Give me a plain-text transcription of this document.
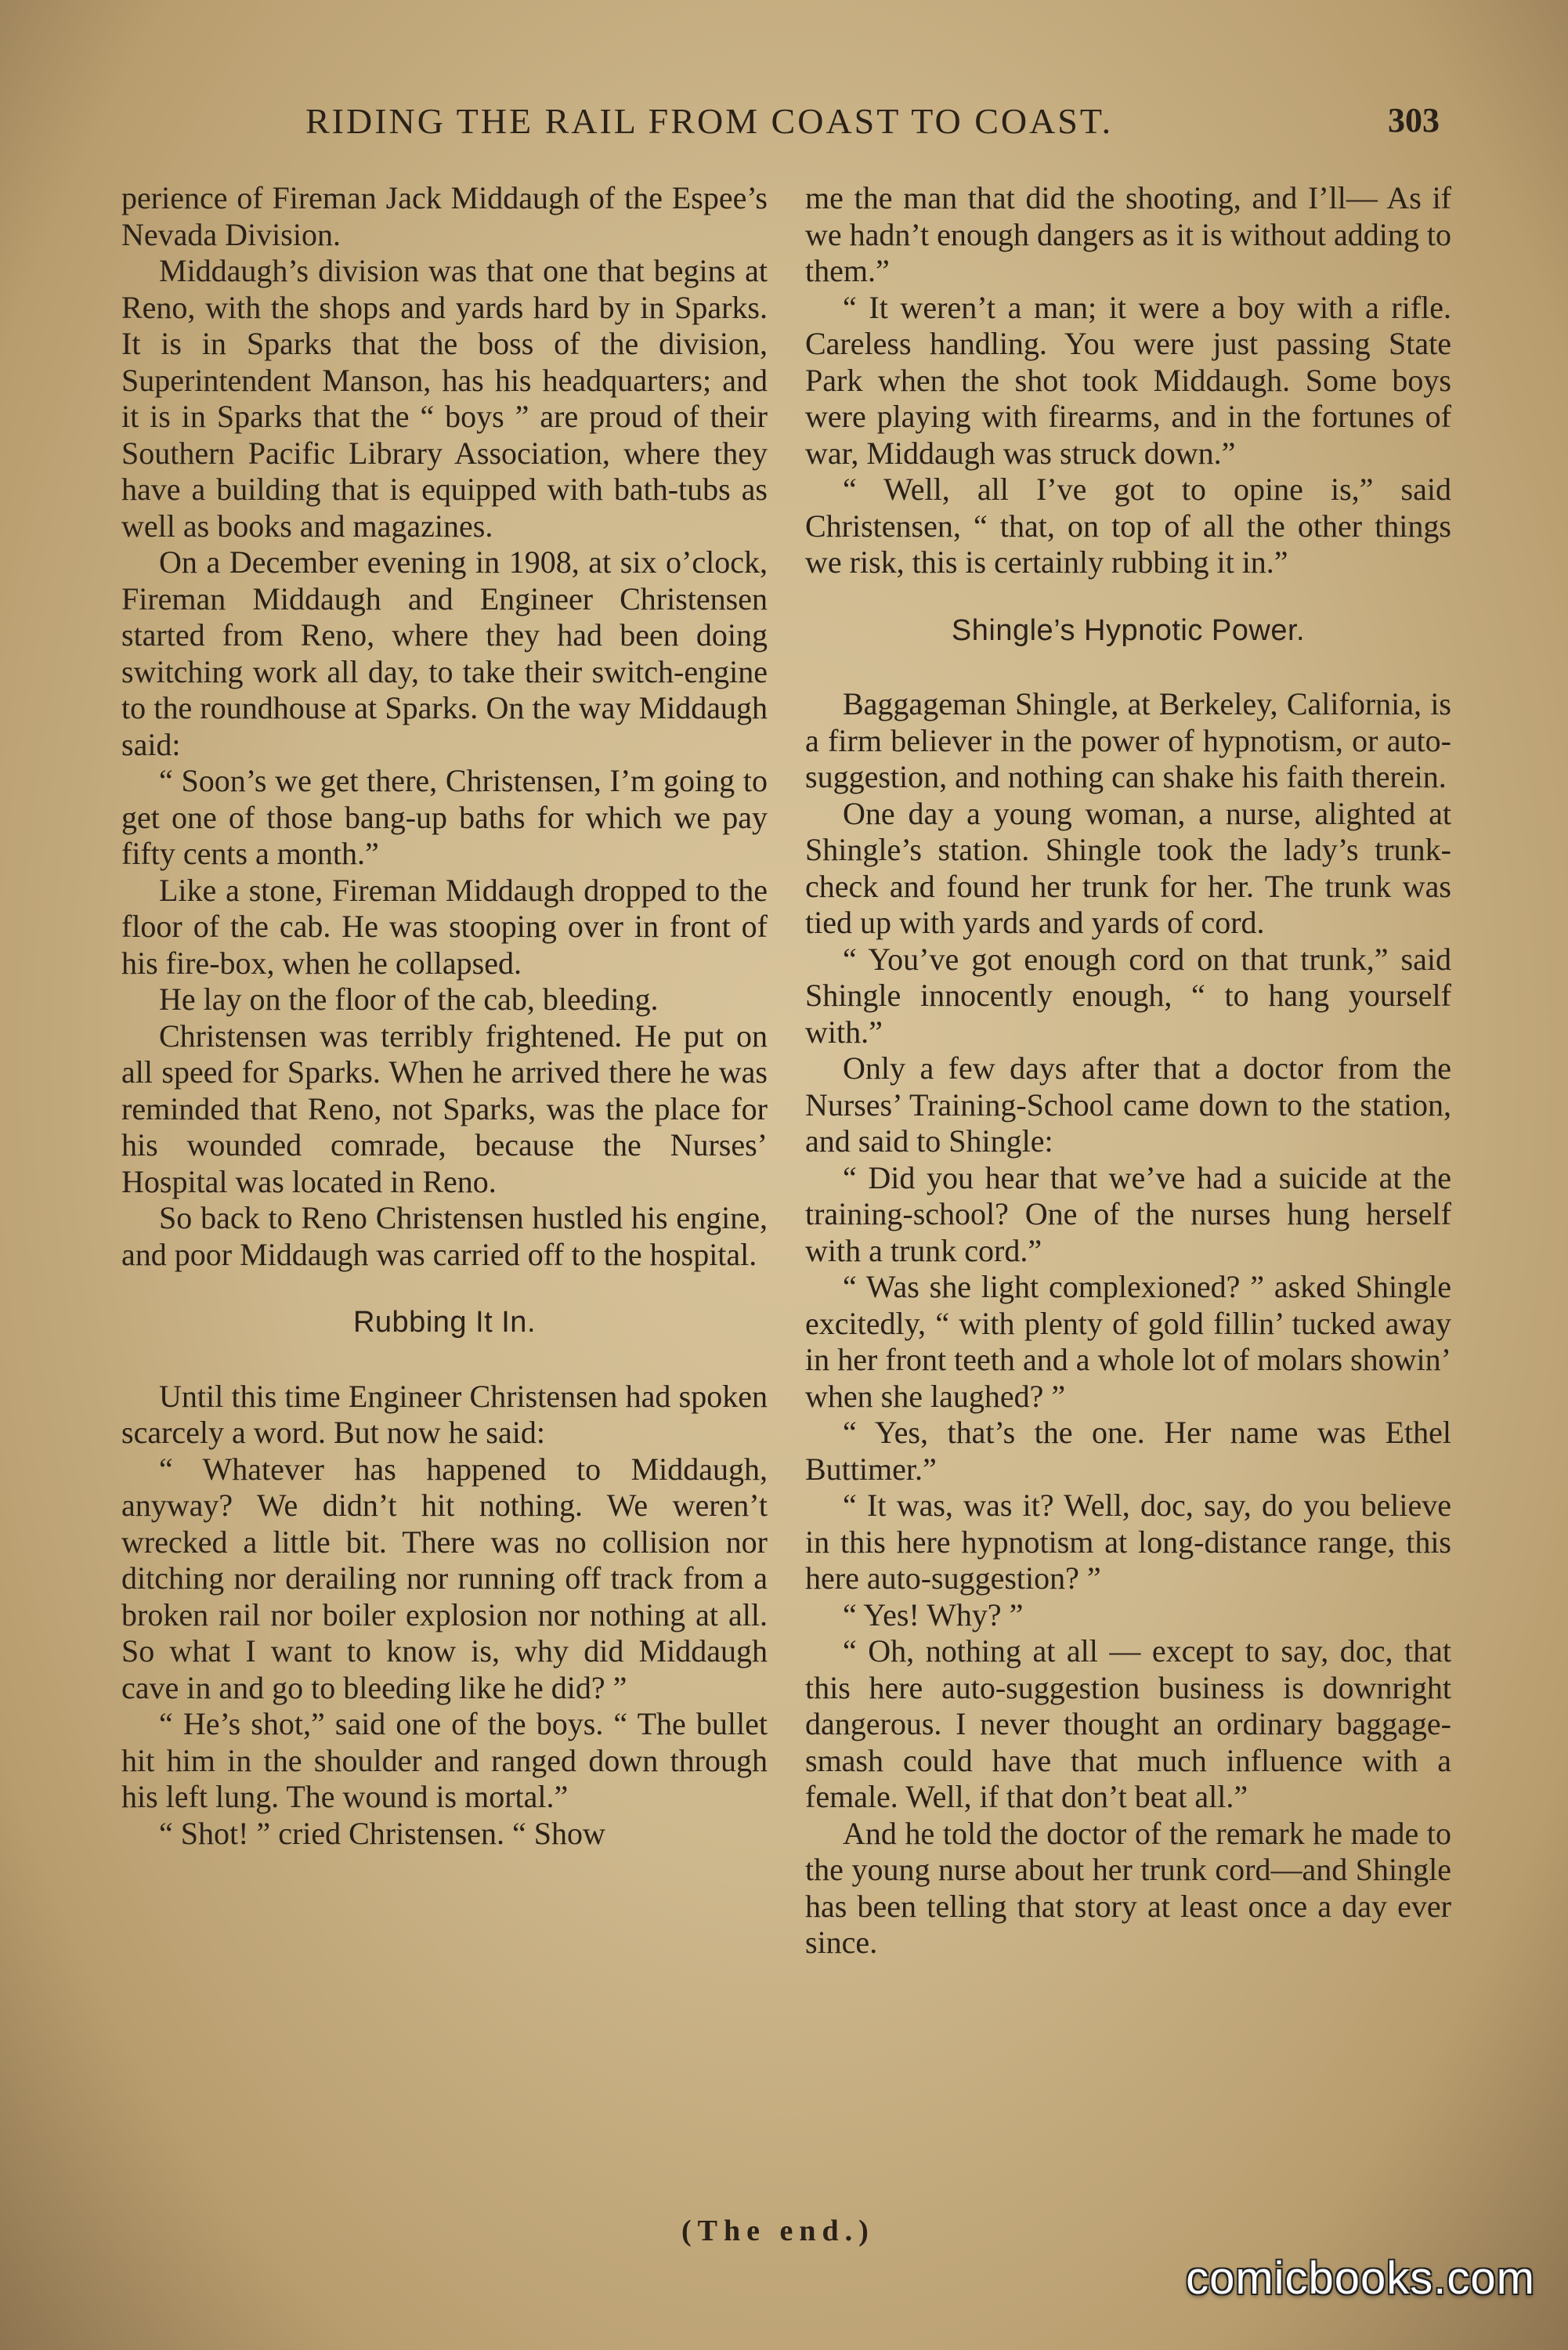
RIDING THE RAIL FROM COAST TO COAST.	303

perience of Fireman Jack Middaugh of the Espee’s Nevada Division.

Middaugh’s division was that one that begins at Reno, with the shops and yards hard by in Sparks. It is in Sparks that the boss of the division, Superintendent Manson, has his headquarters; and it is in Sparks that the “ boys ” are proud of their Southern Pacific Library Association, where they have a building that is equipped with bath-tubs as well as books and magazines.

On a December evening in 1908, at six o’clock, Fireman Middaugh and Engineer Christensen started from Reno, where they had been doing switching work all day, to take their switch-engine to the roundhouse at Sparks. On the way Middaugh said:

“ Soon’s we get there, Christensen, I’m going to get one of those bang-up baths for which we pay fifty cents a month.”

Like a stone, Fireman Middaugh dropped to the floor of the cab. He was stooping over in front of his fire-box, when he collapsed.

He lay on the floor of the cab, bleeding.

Christensen was terribly frightened. He put on all speed for Sparks. When he arrived there he was reminded that Reno, not Sparks, was the place for his wounded comrade, because the Nurses’ Hospital was located in Reno.

So back to Reno Christensen hustled his engine, and poor Middaugh was carried off to the hospital.

Rubbing It In.

Until this time Engineer Christensen had spoken scarcely a word. But now he said:

“ Whatever has happened to Middaugh, anyway? We didn’t hit nothing. We weren’t wrecked a little bit. There was no collision nor ditching nor derailing nor running off track from a broken rail nor boiler explosion nor nothing at all. So what I want to know is, why did Middaugh cave in and go to bleeding like he did? ”

“ He’s shot,” said one of the boys. “ The bullet hit him in the shoulder and ranged down through his left lung. The wound is mortal.”

“ Shot! ” cried Christensen. “ Show

me the man that did the shooting, and I’ll— As if we hadn’t enough dangers as it is without adding to them.”

“ It weren’t a man; it were a boy with a rifle. Careless handling. You were just passing State Park when the shot took Middaugh. Some boys were playing with firearms, and in the fortunes of war, Middaugh was struck down.”

“ Well, all I’ve got to opine is,” said Christensen, “ that, on top of all the other things we risk, this is certainly rubbing it in.”

Shingle’s Hypnotic Power.

Baggageman Shingle, at Berkeley, California, is a firm believer in the power of hypnotism, or auto-suggestion, and nothing can shake his faith therein.

One day a young woman, a nurse, alighted at Shingle’s station. Shingle took the lady’s trunk-check and found her trunk for her. The trunk was tied up with yards and yards of cord.

“ You’ve got enough cord on that trunk,” said Shingle innocently enough, “ to hang yourself with.”

Only a few days after that a doctor from the Nurses’ Training-School came down to the station, and said to Shingle:

“ Did you hear that we’ve had a suicide at the training-school? One of the nurses hung herself with a trunk cord.”

“ Was she light complexioned? ” asked Shingle excitedly, “ with plenty of gold fillin’ tucked away in her front teeth and a whole lot of molars showin’ when she laughed? ”

“ Yes, that’s the one. Her name was Ethel Buttimer.”

“ It was, was it? Well, doc, say, do you believe in this here hypnotism at long-distance range, this here auto-suggestion? ”

“ Yes! Why? ”

“ Oh, nothing at all — except to say, doc, that this here auto-suggestion business is downright dangerous. I never thought an ordinary baggage-smash could have that much influence with a female. Well, if that don’t beat all.”

And he told the doctor of the remark he made to the young nurse about her trunk cord—and Shingle has been telling that story at least once a day ever since.

(The end.)
comicbooks.com
